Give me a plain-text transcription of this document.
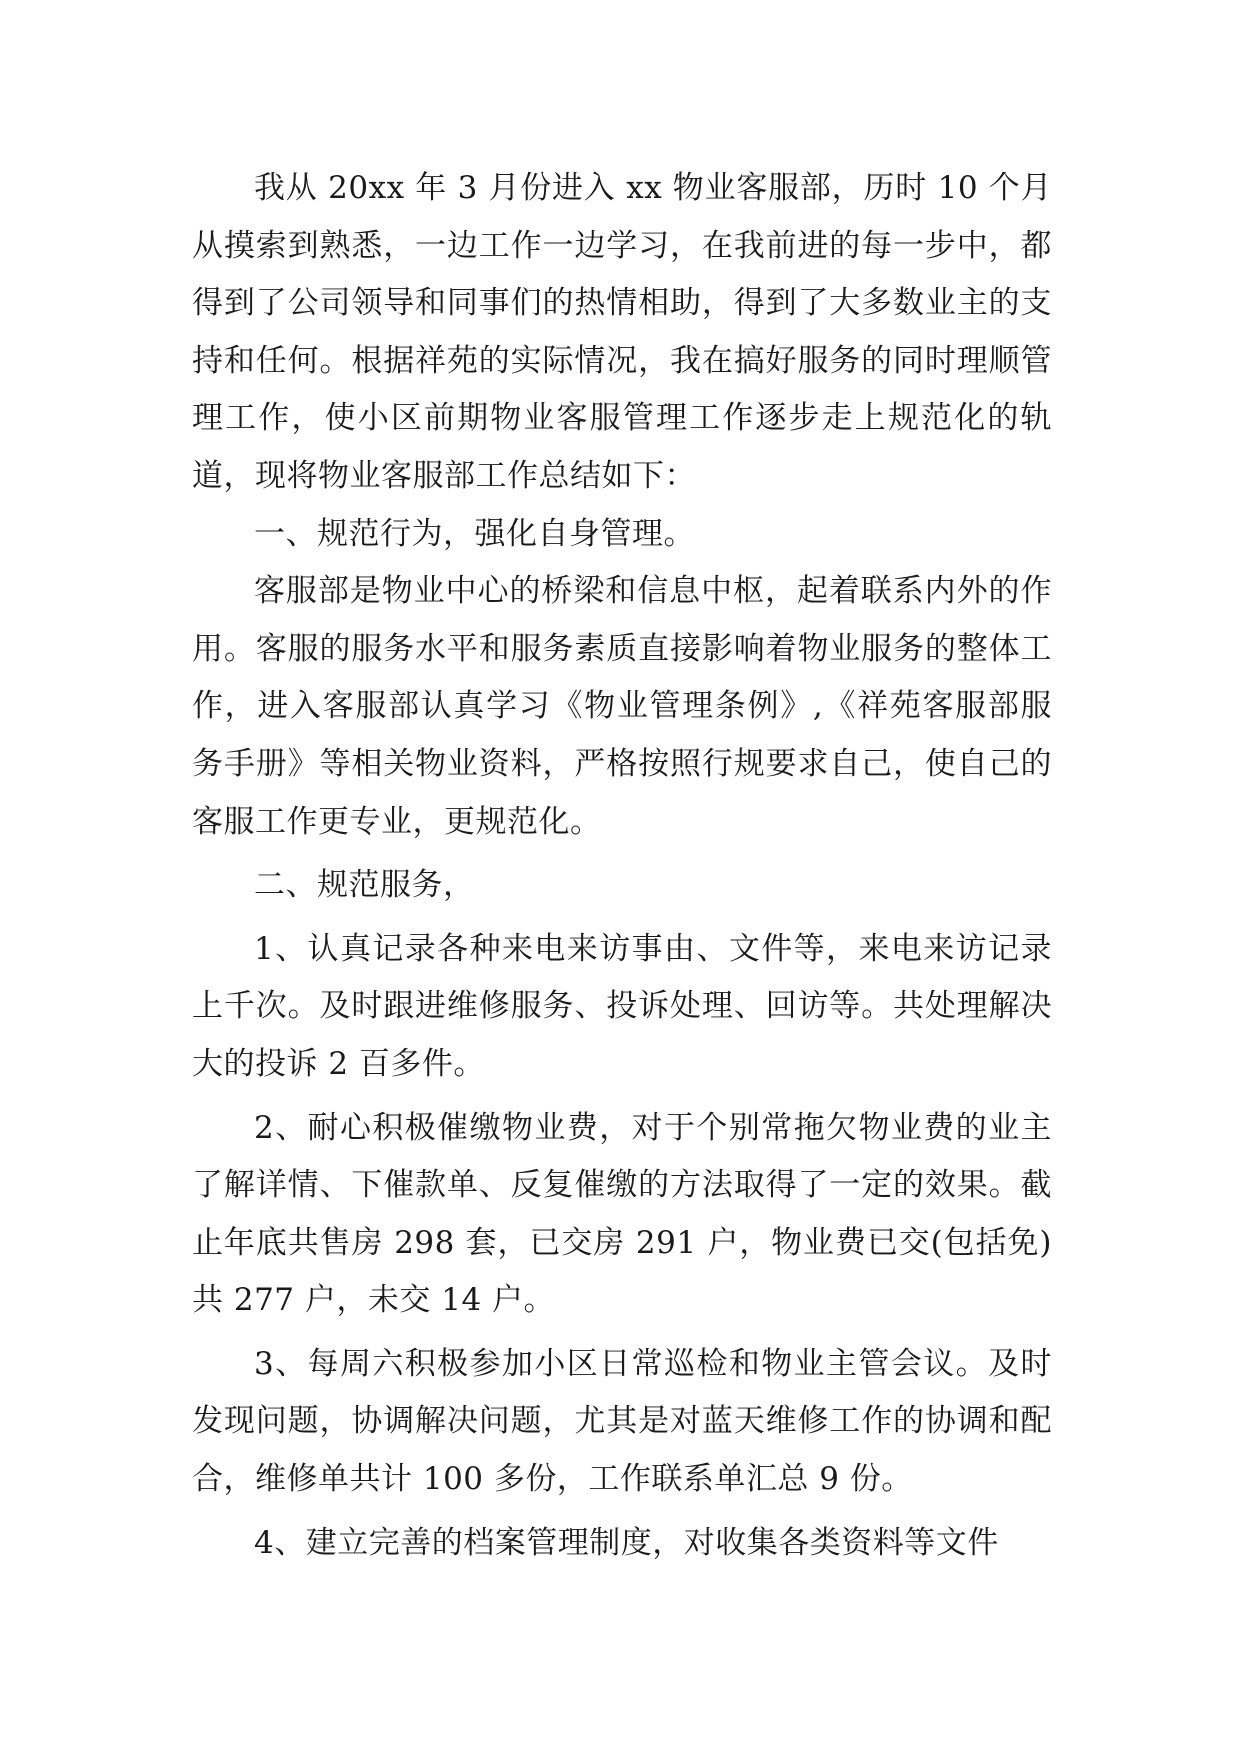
我从 20xx 年 3 月份进入 xx 物业客服部，历时 10 个月从摸索到熟悉，一边工作一边学习，在我前进的每一步中，都得到了公司领导和同事们的热情相助，得到了大多数业主的支持和任何。根据祥苑的实际情况，我在搞好服务的同时理顺管理工作，使小区前期物业客服管理工作逐步走上规范化的轨道，现将物业客服部工作总结如下：

一、规范行为，强化自身管理。

客服部是物业中心的桥梁和信息中枢，起着联系内外的作用。客服的服务水平和服务素质直接影响着物业服务的整体工作，进入客服部认真学习《物业管理条例》,《祥苑客服部服务手册》等相关物业资料，严格按照行规要求自己，使自己的客服工作更专业，更规范化。

二、规范服务，

1、认真记录各种来电来访事由、文件等，来电来访记录上千次。及时跟进维修服务、投诉处理、回访等。共处理解决大的投诉 2 百多件。

2、耐心积极催缴物业费，对于个别常拖欠物业费的业主了解详情、下催款单、反复催缴的方法取得了一定的效果。截止年底共售房 298 套，已交房 291 户，物业费已交(包括免)共 277 户，未交 14 户。

3、每周六积极参加小区日常巡检和物业主管会议。及时发现问题，协调解决问题，尤其是对蓝天维修工作的协调和配合，维修单共计 100 多份，工作联系单汇总 9 份。

4、建立完善的档案管理制度，对收集各类资料等文件
